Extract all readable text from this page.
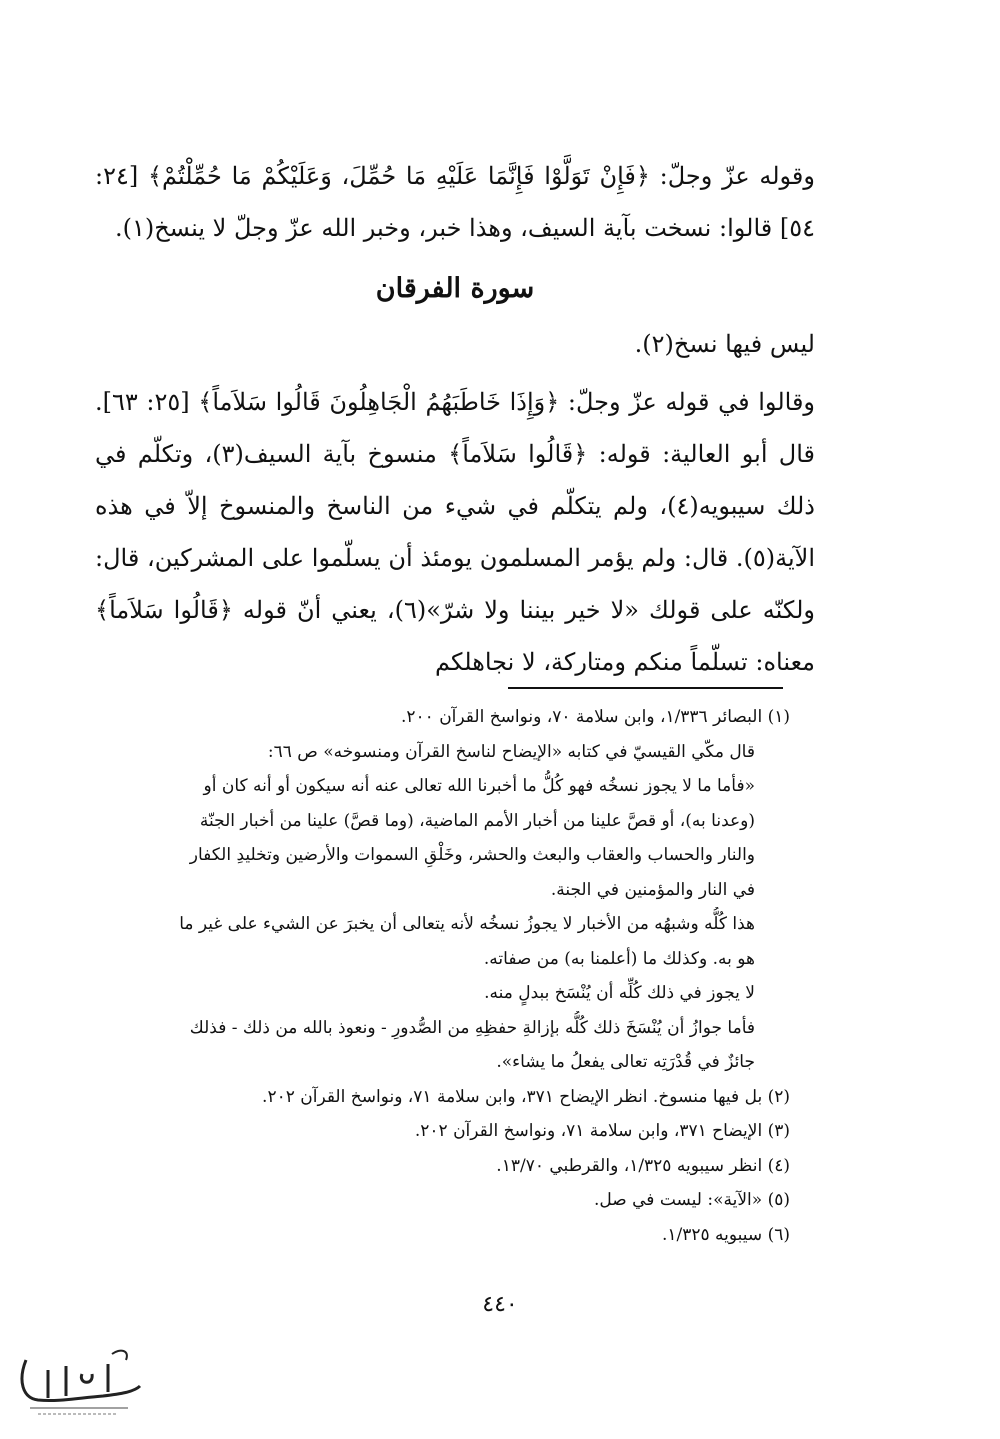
وقوله عزّ وجلّ: ﴿فَإِنْ تَوَلَّوْا فَإِنَّمَا عَلَيْهِ مَا حُمِّلَ، وَعَلَيْكُمْ مَا حُمِّلْتُمْ﴾ [٢٤: ٥٤] قالوا: نسخت بآية السيف، وهذا خبر، وخبر الله عزّ وجلّ لا ينسخ(١).

سورة الفرقان

ليس فيها نسخ(٢).

وقالوا في قوله عزّ وجلّ: ﴿وَإِذَا خَاطَبَهُمُ الْجَاهِلُونَ قَالُوا سَلاَماً﴾ [٢٥: ٦٣]. قال أبو العالية: قوله: ﴿قَالُوا سَلاَماً﴾ منسوخ بآية السيف(٣)، وتكلّم في ذلك سيبويه(٤)، ولم يتكلّم في شيء من الناسخ والمنسوخ إلاّ في هذه الآية(٥). قال: ولم يؤمر المسلمون يومئذ أن يسلّموا على المشركين، قال: ولكنّه على قولك «لا خير بيننا ولا شرّ»(٦)، يعني أنّ قوله ﴿قَالُوا سَلاَماً﴾ معناه: تسلّماً منكم ومتاركة، لا نجاهلكم

(١) البصائر ١/٣٣٦، وابن سلامة ٧٠، ونواسخ القرآن ٢٠٠.
قال مكّي القيسيّ في كتابه «الإيضاح لناسخ القرآن ومنسوخه» ص ٦٦:
«فأما ما لا يجوز نسخُه فهو كُلُّ ما أخبرنا الله تعالى عنه أنه سيكون أو أنه كان أو
(وعدنا به)، أو قصَّ علينا من أخبار الأمم الماضية، (وما قصَّ) علينا من أخبار الجنّة
والنار والحساب والعقاب والبعث والحشر، وخَلْقِ السموات والأرضين وتخليدِ الكفار
في النار والمؤمنين في الجنة.
هذا كُلُّه وشبهُه من الأخبار لا يجوزُ نسخُه لأنه يتعالى أن يخبرَ عن الشيء على غير ما
هو به. وكذلك ما (أعلمنا به) من صفاته.
لا يجوز في ذلك كُلِّه أن يُنْسَخ ببدلٍ منه.
فأما جوازُ أن يُنْسَخَ ذلك كُلُّه بإزالةِ حفظِهِ من الصُّدورِ - ونعوذ بالله من ذلك - فذلك
جائزٌ في قُدْرَتِه تعالى يفعلُ ما يشاء».
(٢) بل فيها منسوخ. انظر الإيضاح ٣٧١، وابن سلامة ٧١، ونواسخ القرآن ٢٠٢.
(٣) الإيضاح ٣٧١، وابن سلامة ٧١، ونواسخ القرآن ٢٠٢.
(٤) انظر سيبويه ١/٣٢٥، والقرطبي ١٣/٧٠.
(٥) «الآية»: ليست في صل.
(٦) سيبويه ١/٣٢٥.
٤٤٠
